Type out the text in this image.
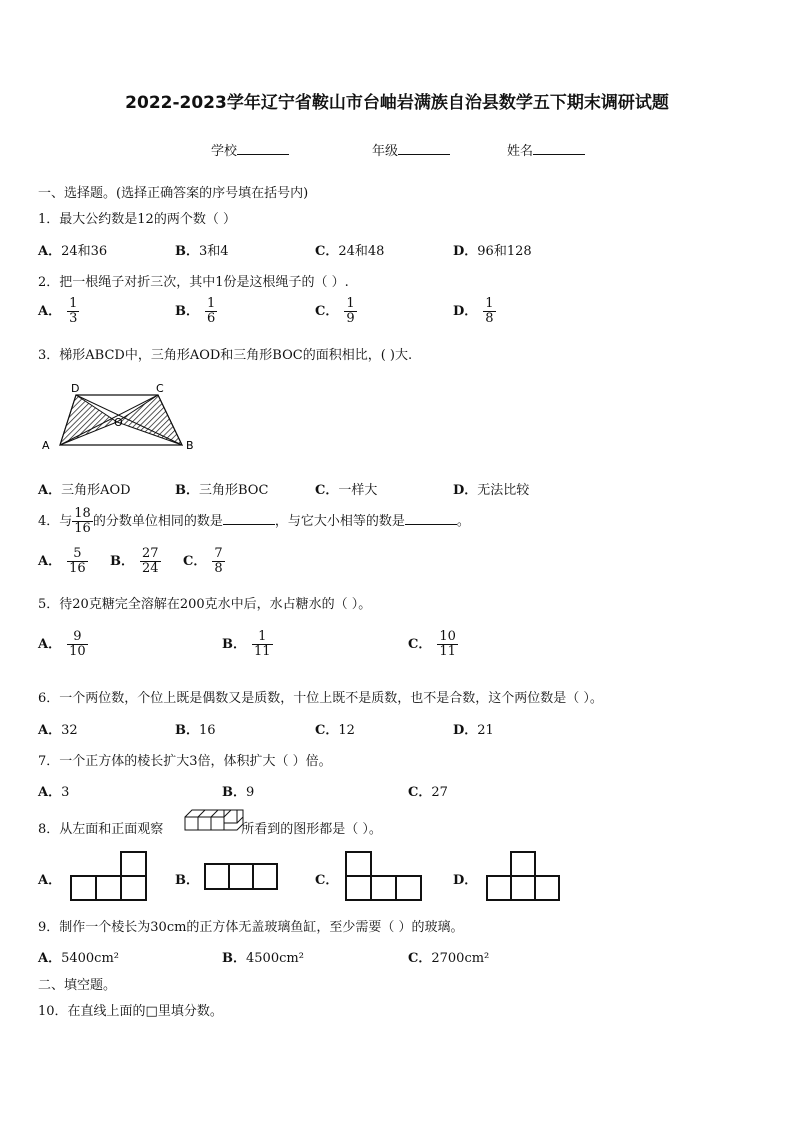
2022-2023学年辽宁省鞍山市台岫岩满族自治县数学五下期末调研试题
学校	年级	姓名
一、选择题。(选择正确答案的序号填在括号内)
1．最大公约数是12的两个数（ ）
A．24和36	B．3和4	C．24和48	D．96和128
2．把一根绳子对折三次，其中1份是这根绳子的（ ）.
A． $\frac{1}{3}$	B． $\frac{1}{6}$	C． $\frac{1}{9}$	D． $\frac{1}{8}$
3．梯形ABCD中，三角形AOD和三角形BOC的面积相比，( )大.
A	B
C
D
O
A．三角形AOD	B．三角形BOC	C．一样大	D．无法比较
4．与 $\frac{18}{16}$ 的分数单位相同的数是	，与它大小相等的数是	。
A． $\frac{5}{16}$ B． $\frac{27}{24}$ C． $\frac{7}{8}$
5．待20克糖完全溶解在200克水中后，水占糖水的（ ）。
A． $\frac{9}{10}$	B． $\frac{1}{11}$	C． $\frac{10}{11}$
6．一个两位数，个位上既是偶数又是质数，十位上既不是质数，也不是合数，这个两位数是（ ）。
A．32	B．16	C．12	D．21
7．一个正方体的棱长扩大3倍，体积扩大（ ）倍。
A．3	B．9	C．27
8．从左面和正面观察	所看到的图形都是（ ）。
A．	B．	C．	D．
9．制作一个棱长为30cm的正方体无盖玻璃鱼缸，至少需要（ ）的玻璃。
A．5400cm²	B．4500cm²	C．2700cm²
二、填空题。
10．在直线上面的□里填分数。
